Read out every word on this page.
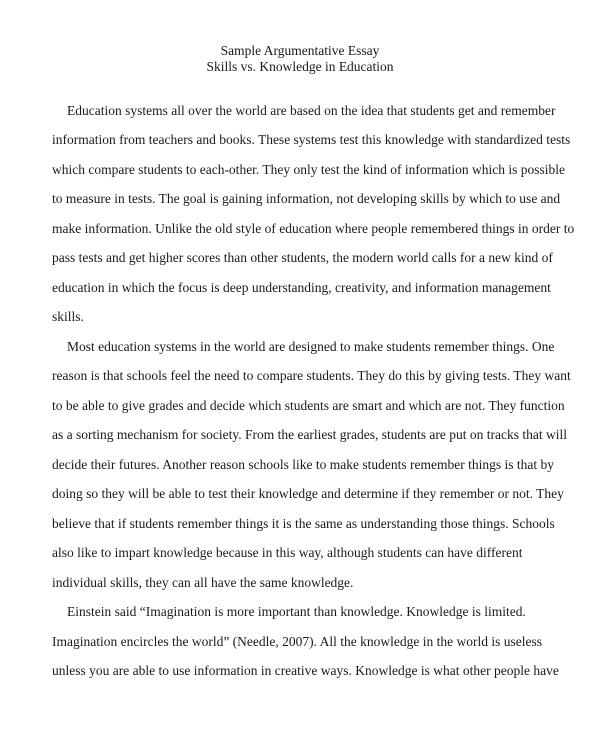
Sample Argumentative Essay
Skills vs. Knowledge in Education
Education systems all over the world are based on the idea that students get and remember
information from teachers and books. These systems test this knowledge with standardized tests
which compare students to each-other. They only test the kind of information which is possible
to measure in tests. The goal is gaining information, not developing skills by which to use and
make information. Unlike the old style of education where people remembered things in order to
pass tests and get higher scores than other students, the modern world calls for a new kind of
education in which the focus is deep understanding, creativity, and information management
skills.
Most education systems in the world are designed to make students remember things. One
reason is that schools feel the need to compare students. They do this by giving tests. They want
to be able to give grades and decide which students are smart and which are not. They function
as a sorting mechanism for society. From the earliest grades, students are put on tracks that will
decide their futures. Another reason schools like to make students remember things is that by
doing so they will be able to test their knowledge and determine if they remember or not. They
believe that if students remember things it is the same as understanding those things. Schools
also like to impart knowledge because in this way, although students can have different
individual skills, they can all have the same knowledge.
Einstein said “Imagination is more important than knowledge. Knowledge is limited.
Imagination encircles the world” (Needle, 2007). All the knowledge in the world is useless
unless you are able to use information in creative ways. Knowledge is what other people have
